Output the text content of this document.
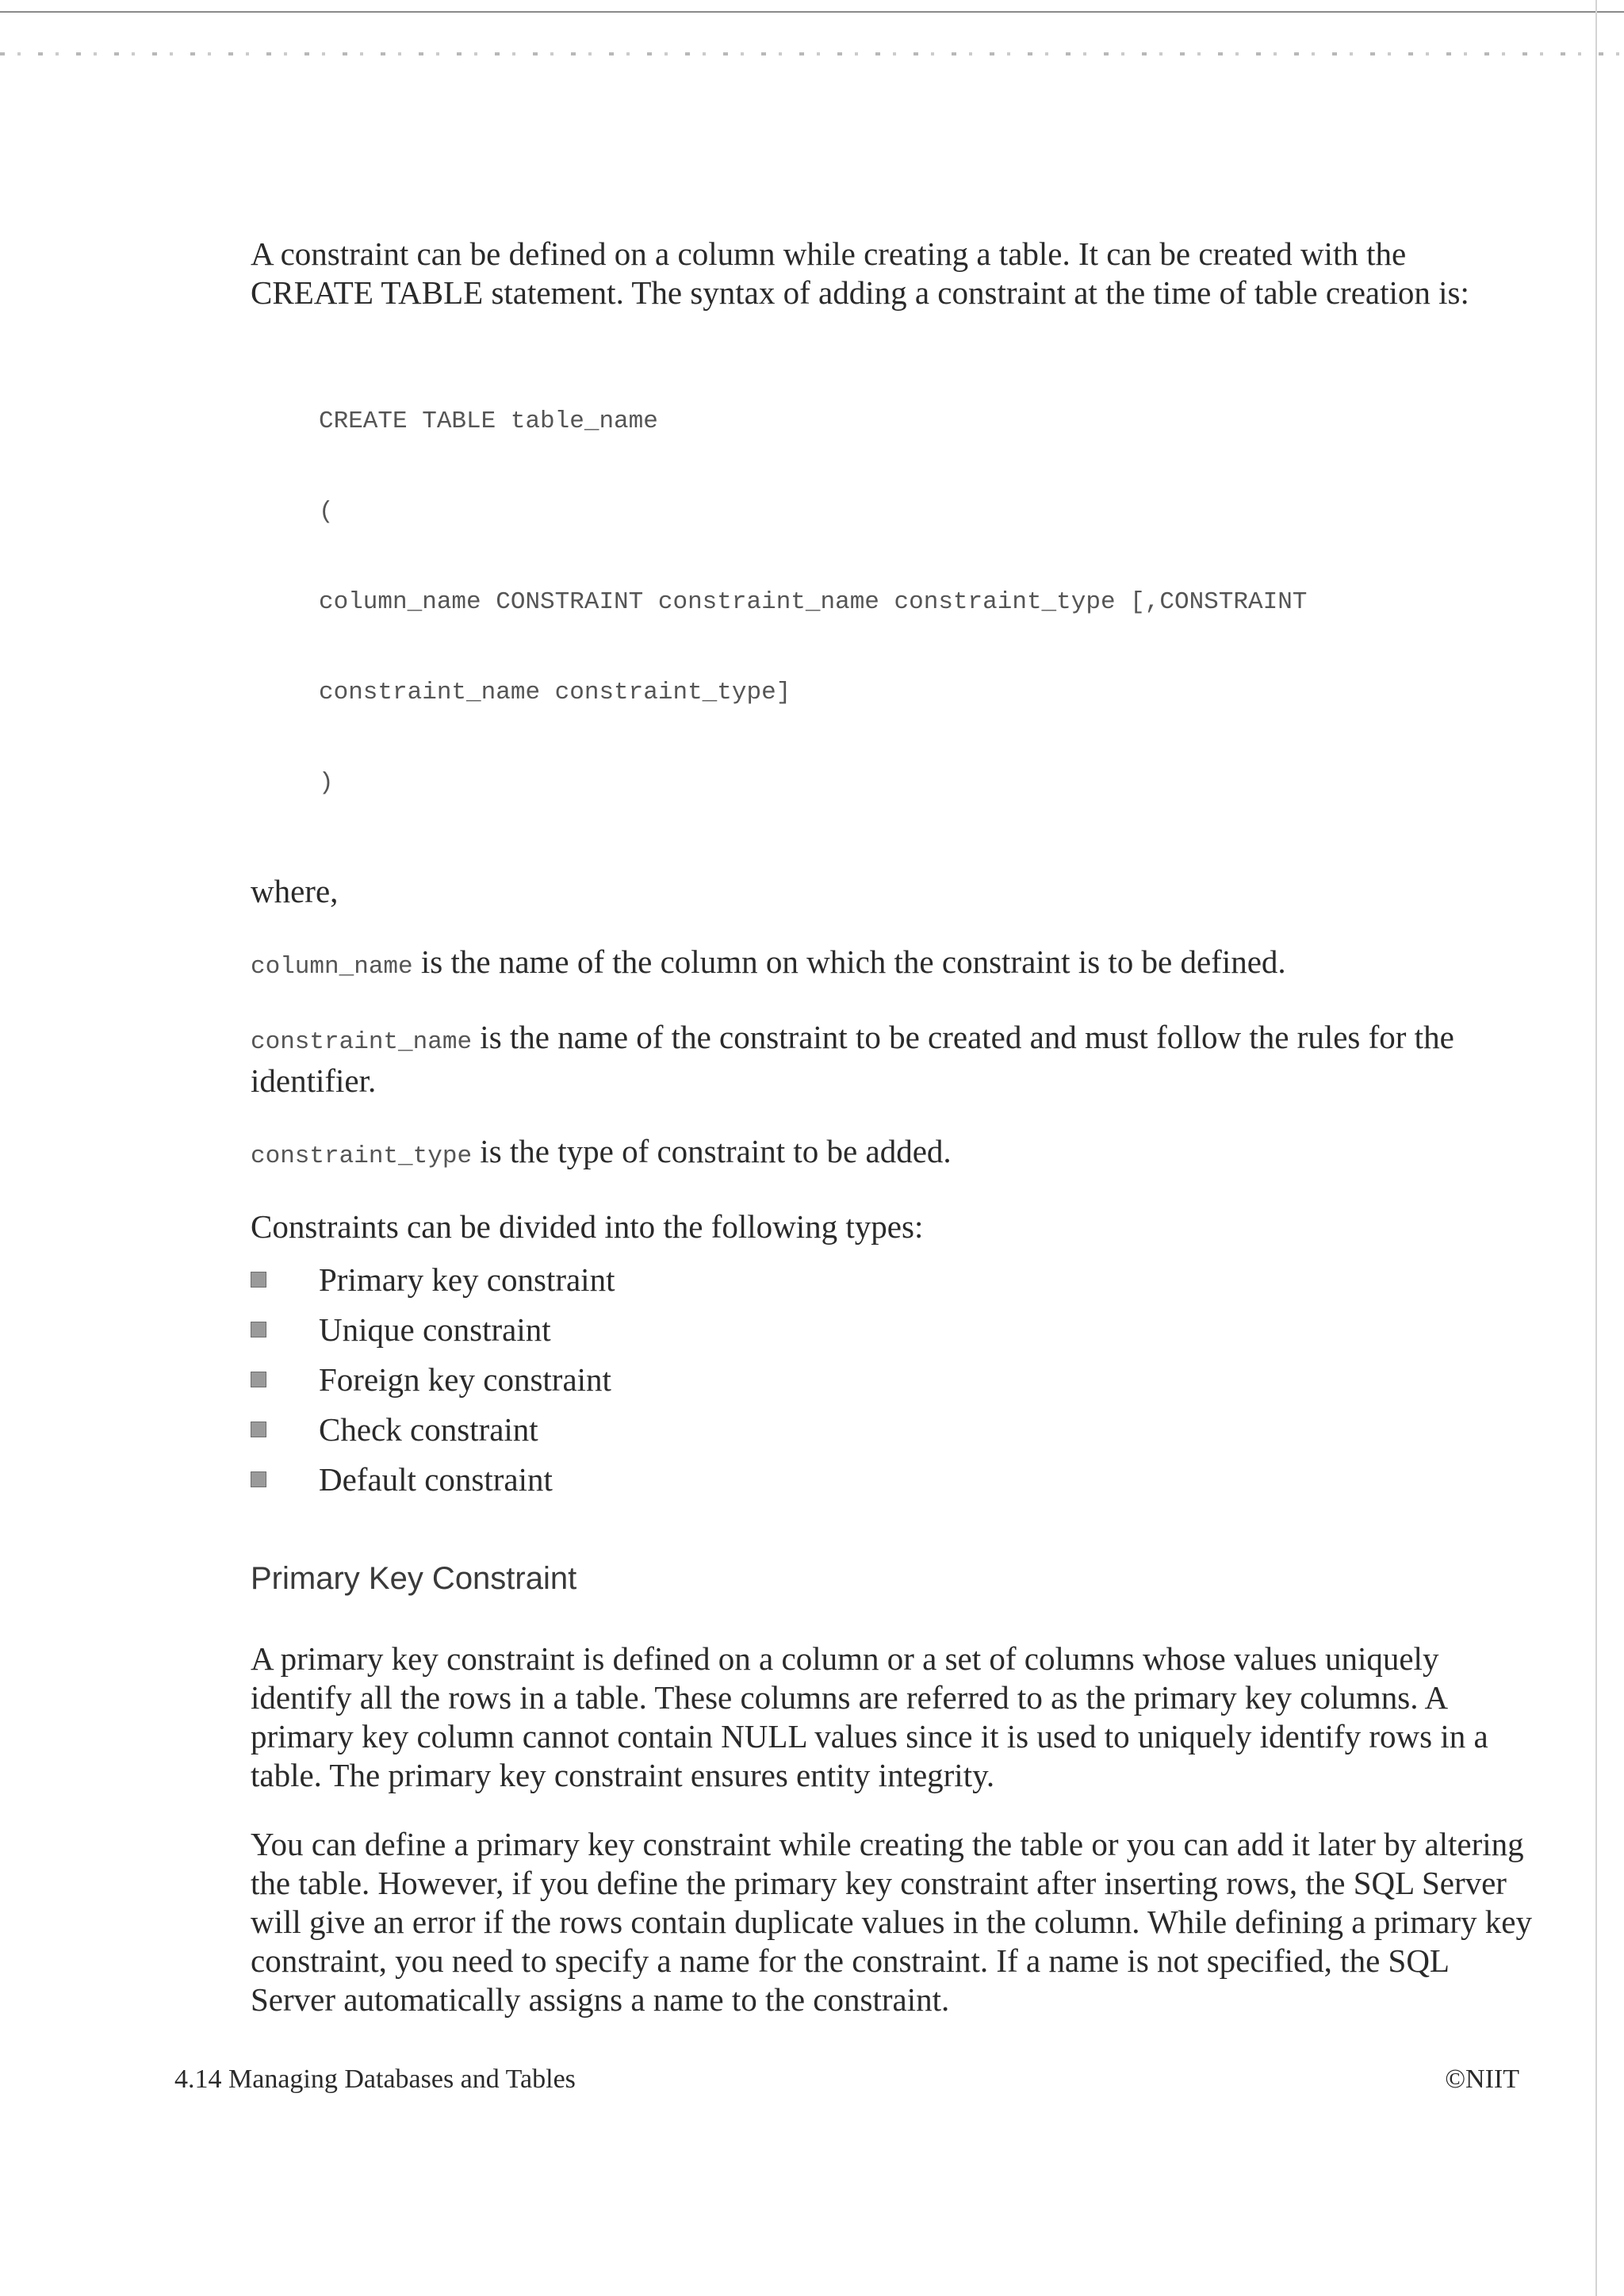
A constraint can be defined on a column while creating a table. It can be created with the CREATE TABLE statement. The syntax of adding a constraint at the time of table creation is:

CREATE TABLE table_name

(

column_name CONSTRAINT constraint_name constraint_type [,CONSTRAINT

constraint_name constraint_type]

)

where,

column_name is the name of the column on which the constraint is to be defined.

constraint_name is the name of the constraint to be created and must follow the rules for the identifier.

constraint_type is the type of constraint to be added.

Constraints can be divided into the following types:

Primary key constraint
Unique constraint
Foreign key constraint
Check constraint
Default constraint
Primary Key Constraint

A primary key constraint is defined on a column or a set of columns whose values uniquely identify all the rows in a table. These columns are referred to as the primary key columns. A primary key column cannot contain NULL values since it is used to uniquely identify rows in a table. The primary key constraint ensures entity integrity.

You can define a primary key constraint while creating the table or you can add it later by altering the table. However, if you define the primary key constraint after inserting rows, the SQL Server will give an error if the rows contain duplicate values in the column. While defining a primary key constraint, you need to specify a name for the constraint. If a name is not specified, the SQL Server automatically assigns a name to the constraint.

4.14 Managing Databases and Tables	©NIIT
